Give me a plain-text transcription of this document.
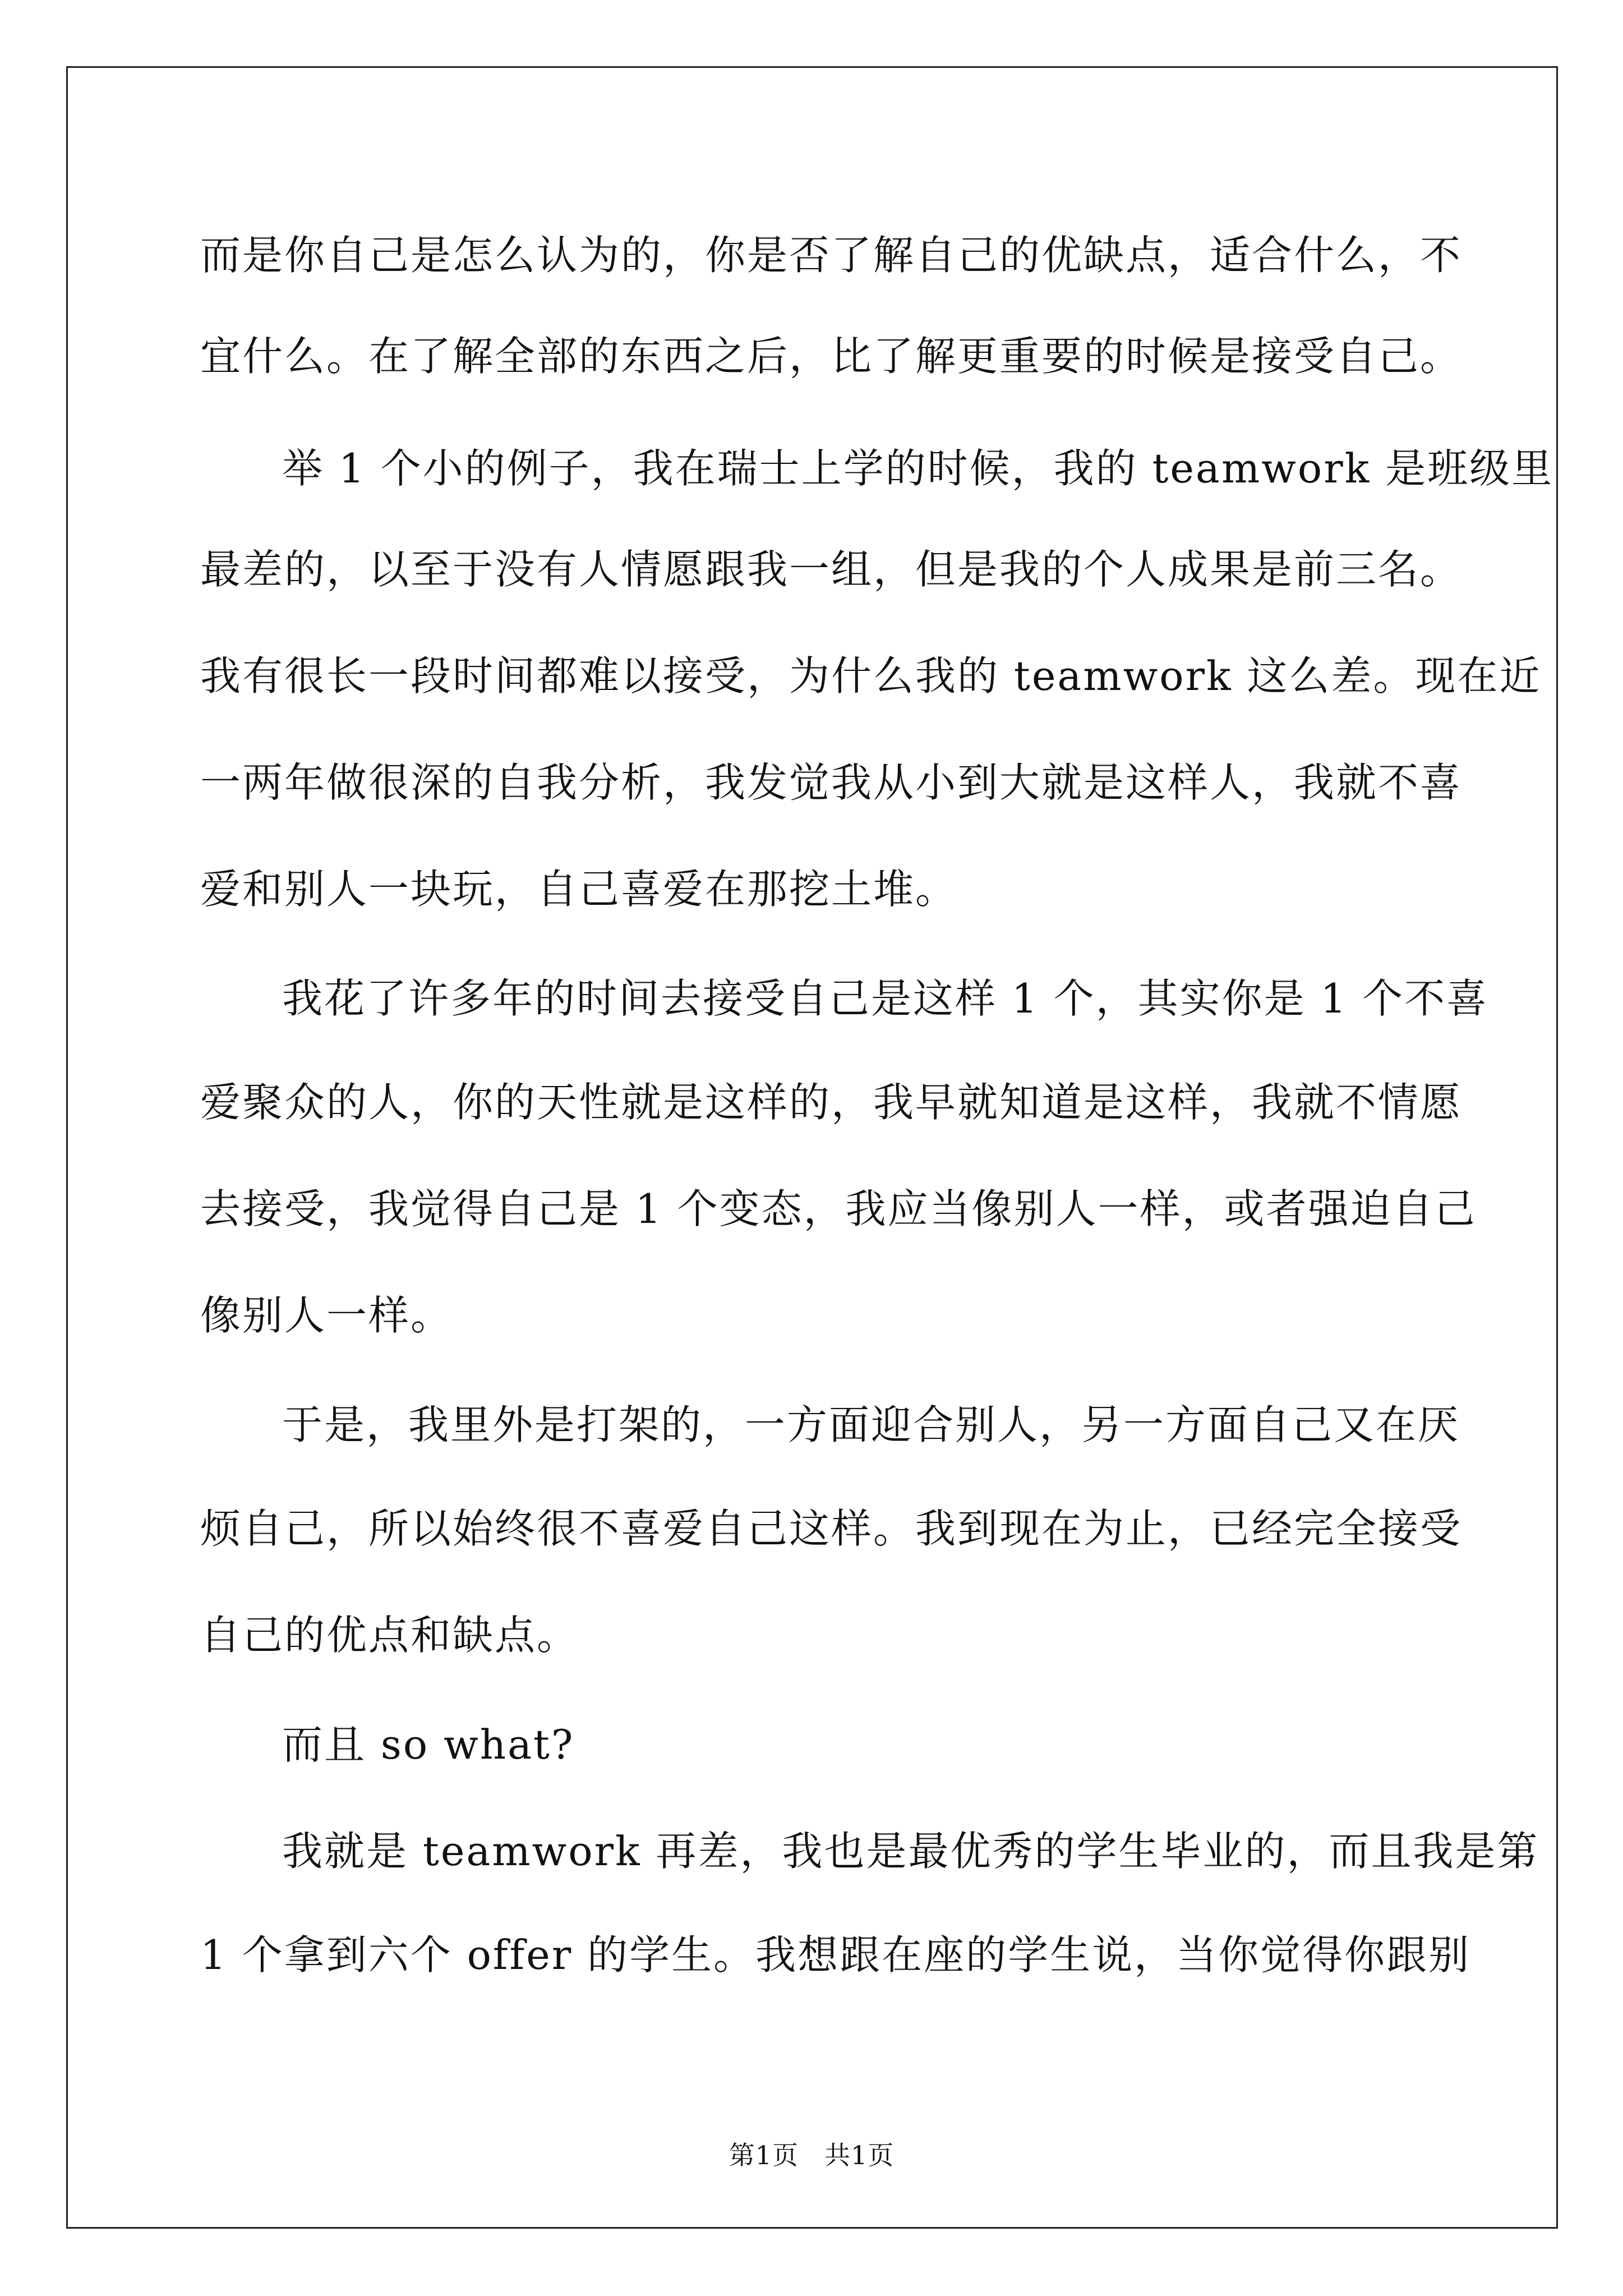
而是你自己是怎么认为的，你是否了解自己的优缺点，适合什么，不
宜什么。在了解全部的东西之后，比了解更重要的时候是接受自己。
举 1 个小的例子，我在瑞士上学的时候，我的 teamwork 是班级里
最差的，以至于没有人情愿跟我一组，但是我的个人成果是前三名。
我有很长一段时间都难以接受，为什么我的 teamwork 这么差。现在近
一两年做很深的自我分析，我发觉我从小到大就是这样人，我就不喜
爱和别人一块玩，自己喜爱在那挖土堆。
我花了许多年的时间去接受自己是这样 1 个，其实你是 1 个不喜
爱聚众的人，你的天性就是这样的，我早就知道是这样，我就不情愿
去接受，我觉得自己是 1 个变态，我应当像别人一样，或者强迫自己
像别人一样。
于是，我里外是打架的，一方面迎合别人，另一方面自己又在厌
烦自己，所以始终很不喜爱自己这样。我到现在为止，已经完全接受
自己的优点和缺点。
而且 so what?
我就是 teamwork 再差，我也是最优秀的学生毕业的，而且我是第
1 个拿到六个 offer 的学生。我想跟在座的学生说，当你觉得你跟别
第1页 共1页
